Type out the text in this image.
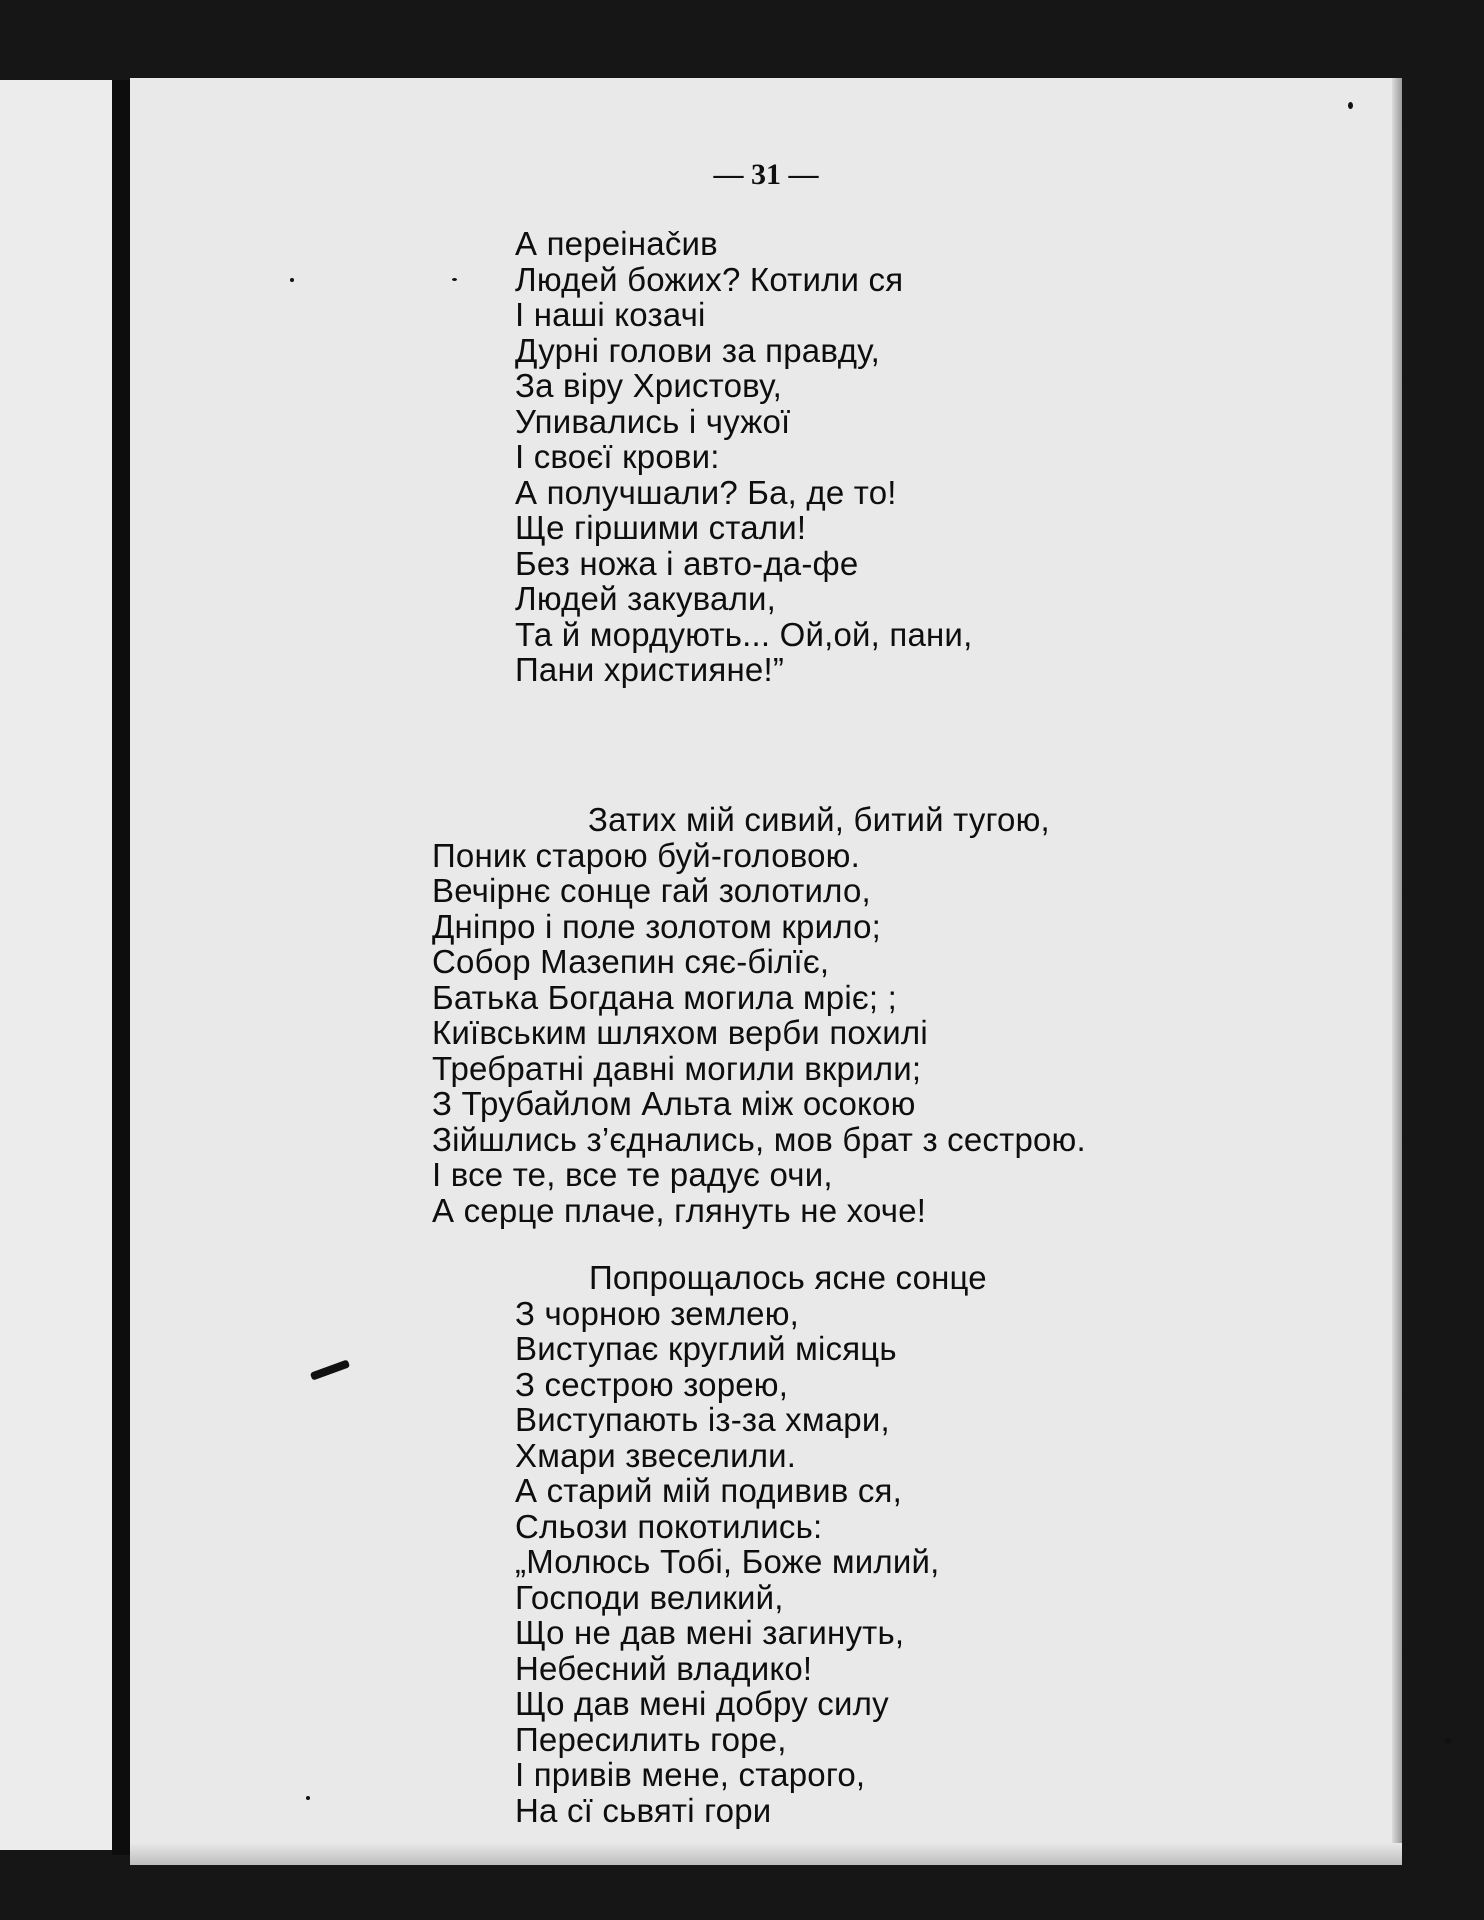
— 31 —
А переінačив
Людей божих? Котили ся
І наші козачі
Дурні голови за правду,
За віру Христову,
Упивались і чужої
І своєї крови:
А получшали? Ба, де то!
Ще гіршими стали!
Без ножа і авто-да-фе
Людей закували,
Та й мордують... Ой,ой, пани,
Пани християне!”
Затих мій сивий, битий тугою,
Поник старою буй-головою.
Вечірнє сонце гай золотило,
Дніпро і поле золотом крило;
Собор Мазепин сяє-білїє,
Батька Богдана могила мріє; ;
Київським шляхом верби похилі
Требратні давні могили вкрили;
З Трубайлом Альта між осокою
Зійшлись з’єднались, мов брат з сестрою.
І все те, все те радує очи,
А серце плаче, глянуть не хоче!
Попрощалось ясне сонце
З чорною землею,
Виступає круглий місяць
З сестрою зорею,
Виступають із-за хмари,
Хмари звеселили.
А старий мій подивив ся,
Сльози покотились:
„Молюсь Тобі, Боже милий,
Господи великий,
Що не дав мені загинуть,
Небесний владико!
Що дав мені добру силу
Пересилить горе,
І привів мене, старого,
На сї сьвяті гори
